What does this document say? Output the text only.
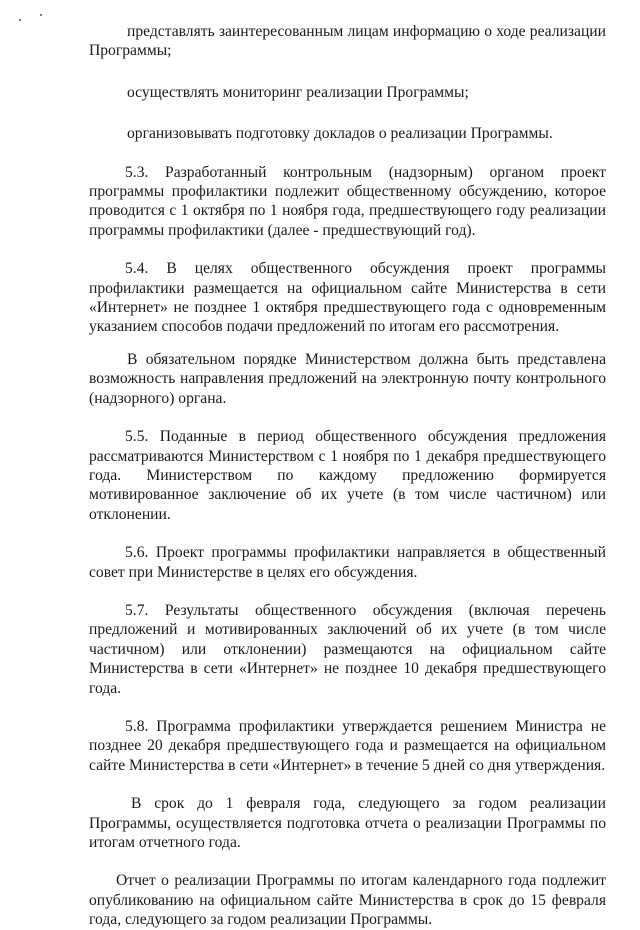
представлять заинтересованным лицам информацию о ходе реализации Программы;

осуществлять мониторинг реализации Программы;

организовывать подготовку докладов о реализации Программы.

5.3. Разработанный контрольным (надзорным) органом проект программы профилактики подлежит общественному обсуждению, которое проводится с 1 октября по 1 ноября года, предшествующего году реализации программы профилактики (далее - предшествующий год).

5.4. В целях общественного обсуждения проект программы профилактики размещается на официальном сайте Министерства в сети «Интернет» не позднее 1 октября предшествующего года с одновременным указанием способов подачи предложений по итогам его рассмотрения.

В обязательном порядке Министерством должна быть представлена возможность направления предложений на электронную почту контрольного (надзорного) органа.

5.5. Поданные в период общественного обсуждения предложения рассматриваются Министерством с 1 ноября по 1 декабря предшествующего года. Министерством по каждому предложению формируется мотивированное заключение об их учете (в том числе частичном) или отклонении.

5.6. Проект программы профилактики направляется в общественный совет при Министерстве в целях его обсуждения.

5.7. Результаты общественного обсуждения (включая перечень предложений и мотивированных заключений об их учете (в том числе частичном) или отклонении) размещаются на официальном сайте Министерства в сети «Интернет» не позднее 10 декабря предшествующего года.

5.8. Программа профилактики утверждается решением Министра не позднее 20 декабря предшествующего года и размещается на официальном сайте Министерства в сети «Интернет» в течение 5 дней со дня утверждения.

В срок до 1 февраля года, следующего за годом реализации Программы, осуществляется подготовка отчета о реализации Программы по итогам отчетного года.

Отчет о реализации Программы по итогам календарного года подлежит опубликованию на официальном сайте Министерства в срок до 15 февраля года, следующего за годом реализации Программы.
